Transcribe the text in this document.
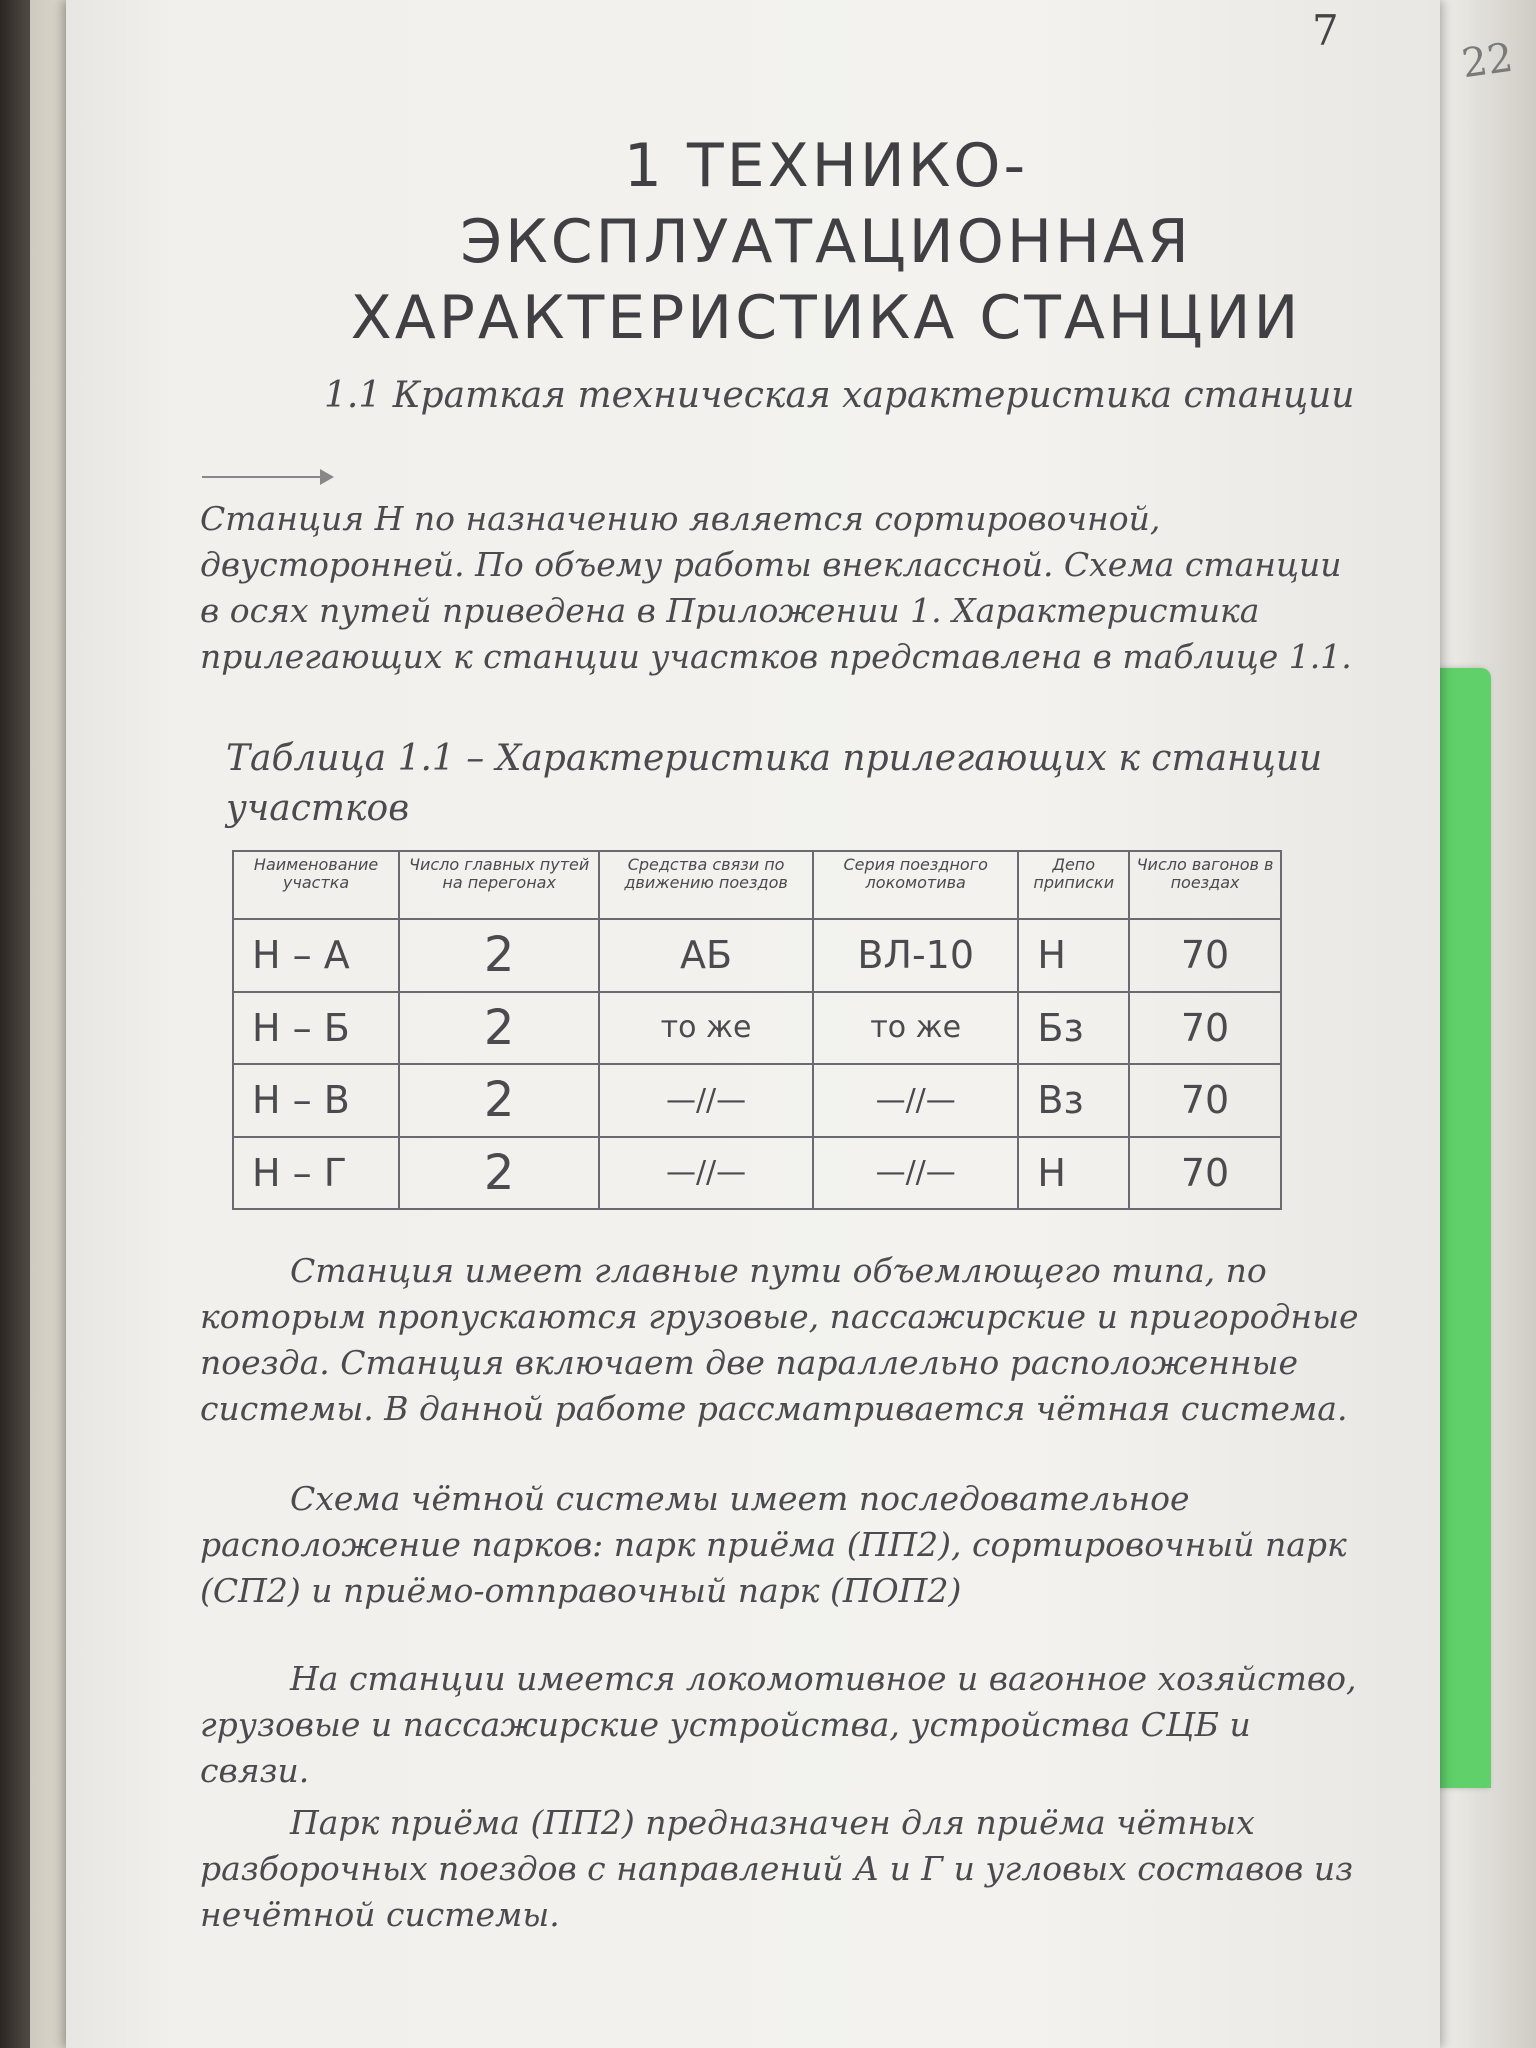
22
7
1 ТЕХНИКО-ЭКСПЛУАТАЦИОННАЯ
ХАРАКТЕРИСТИКА СТАНЦИИ
1.1 Краткая техническая характеристика станции
Станция Н по назначению является сортировочной, двусторонней. По объему работы внеклассной. Схема станции в осях путей приведена в Приложении 1. Характеристика прилегающих к станции участков представлена в таблице 1.1.
Таблица 1.1 – Характеристика прилегающих к станции участков
Наименование участка	Число главных путей на перегонах	Средства связи по движению поездов	Серия поездного локомотива	Депо приписки	Число вагонов в поездах
Н – А	2	АБ	ВЛ-10	Н	70
Н – Б	2	то же	то же	Бз	70
Н – В	2	—//—	—//—	Вз	70
Н – Г	2	—//—	—//—	Н	70
Станция имеет главные пути объемлющего типа, по которым пропускаются грузовые, пассажирские и пригородные поезда. Станция включает две параллельно расположенные системы. В данной работе рассматривается чётная система.
Схема чётной системы имеет последовательное расположение парков: парк приёма (ПП2), сортировочный парк (СП2) и приёмо-отправочный парк (ПОП2)
На станции имеется локомотивное и вагонное хозяйство, грузовые и пассажирские устройства, устройства СЦБ и связи.
Парк приёма (ПП2) предназначен для приёма чётных разборочных поездов с направлений А и Г и угловых составов из нечётной системы.
